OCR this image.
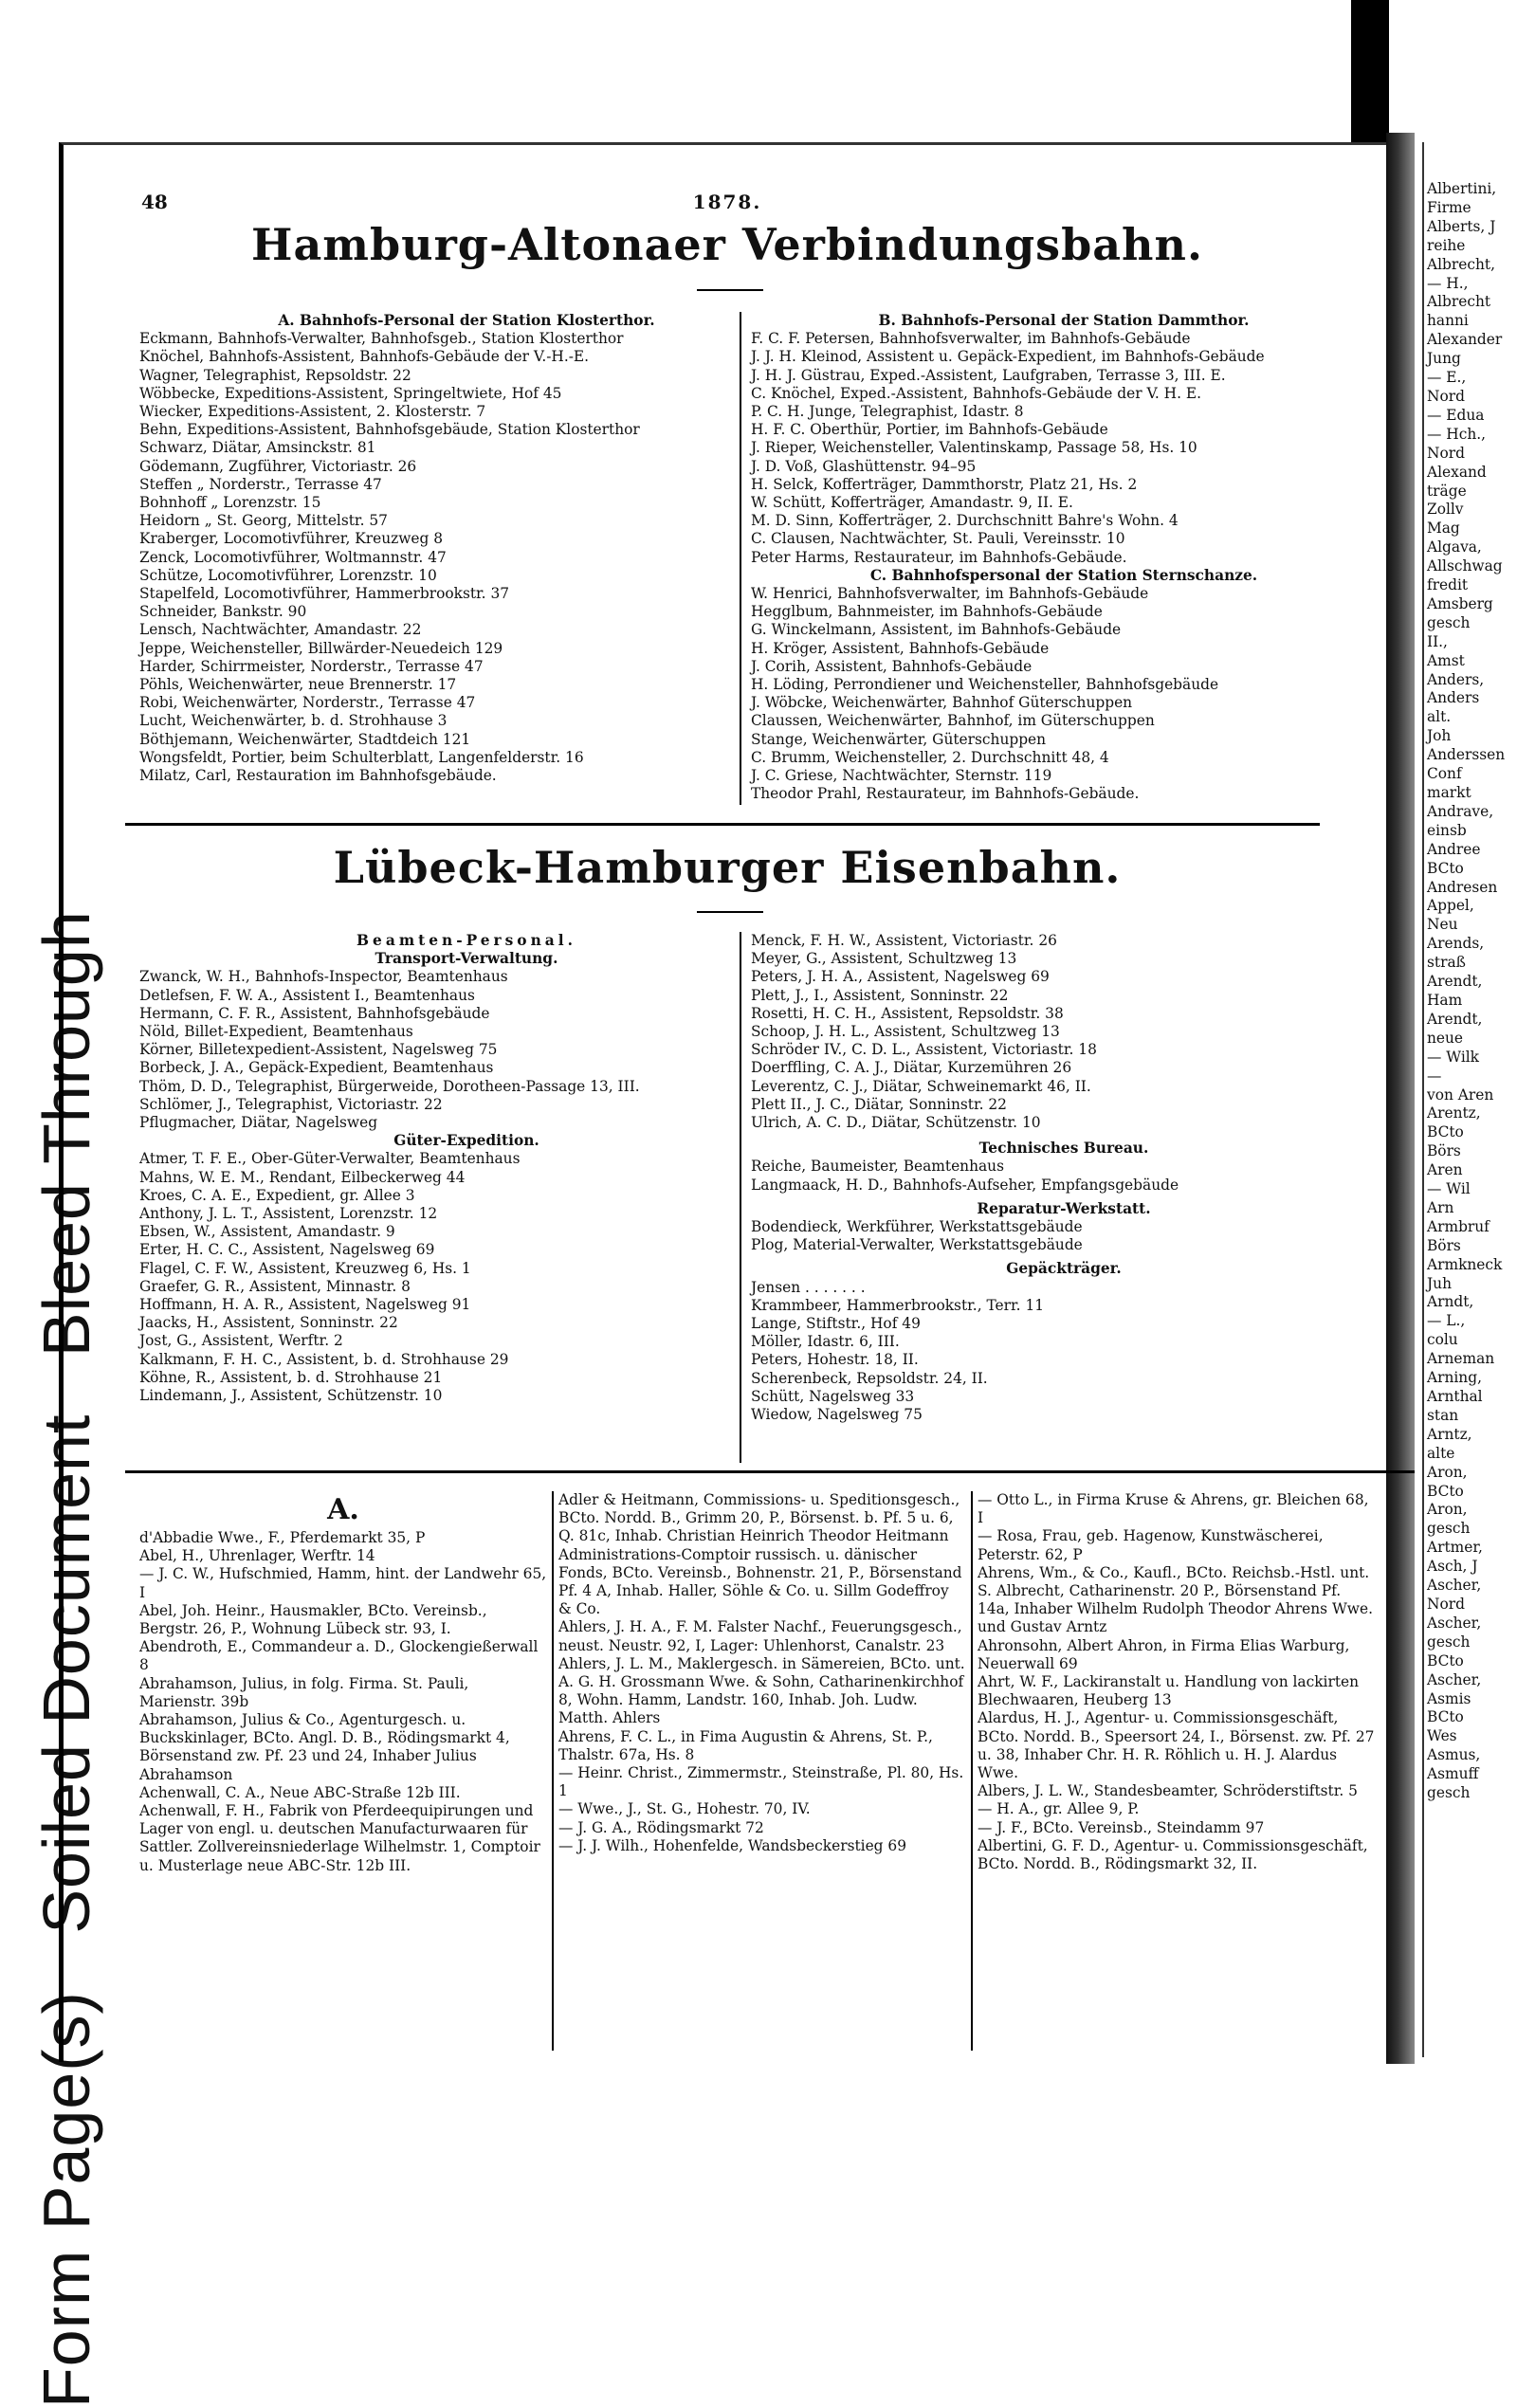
Form Page(s) Soiled Document Bleed Through
48	1878.
Hamburg-Altonaer Verbindungsbahn.
A. Bahnhofs-Personal der Station Klosterthor.
Eckmann, Bahnhofs-Verwalter, Bahnhofsgeb., Station Klosterthor
Knöchel, Bahnhofs-Assistent, Bahnhofs-Gebäude der V.-H.-E.
Wagner, Telegraphist, Repsoldstr. 22
Wöbbecke, Expeditions-Assistent, Springeltwiete, Hof 45
Wiecker, Expeditions-Assistent, 2. Klosterstr. 7
Behn, Expeditions-Assistent, Bahnhofsgebäude, Station Klosterthor
Schwarz, Diätar, Amsinckstr. 81
Gödemann, Zugführer, Victoriastr. 26
Steffen „ Norderstr., Terrasse 47
Bohnhoff „ Lorenzstr. 15
Heidorn „ St. Georg, Mittelstr. 57
Kraberger, Locomotivführer, Kreuzweg 8
Zenck, Locomotivführer, Woltmannstr. 47
Schütze, Locomotivführer, Lorenzstr. 10
Stapelfeld, Locomotivführer, Hammerbrookstr. 37
Schneider, Bankstr. 90
Lensch, Nachtwächter, Amandastr. 22
Jeppe, Weichensteller, Billwärder-Neuedeich 129
Harder, Schirrmeister, Norderstr., Terrasse 47
Pöhls, Weichenwärter, neue Brennerstr. 17
Robi, Weichenwärter, Norderstr., Terrasse 47
Lucht, Weichenwärter, b. d. Strohhause 3
Böthjemann, Weichenwärter, Stadtdeich 121
Wongsfeldt, Portier, beim Schulterblatt, Langenfelderstr. 16
Milatz, Carl, Restauration im Bahnhofsgebäude.
B. Bahnhofs-Personal der Station Dammthor.
F. C. F. Petersen, Bahnhofsverwalter, im Bahnhofs-Gebäude
J. J. H. Kleinod, Assistent u. Gepäck-Expedient, im Bahnhofs-Gebäude
J. H. J. Güstrau, Exped.-Assistent, Laufgraben, Terrasse 3, III. E.
C. Knöchel, Exped.-Assistent, Bahnhofs-Gebäude der V. H. E.
P. C. H. Junge, Telegraphist, Idastr. 8
H. F. C. Oberthür, Portier, im Bahnhofs-Gebäude
J. Rieper, Weichensteller, Valentinskamp, Passage 58, Hs. 10
J. D. Voß, Glashüttenstr. 94–95
H. Selck, Kofferträger, Dammthorstr, Platz 21, Hs. 2
W. Schütt, Kofferträger, Amandastr. 9, II. E.
M. D. Sinn, Kofferträger, 2. Durchschnitt Bahre's Wohn. 4
C. Clausen, Nachtwächter, St. Pauli, Vereinsstr. 10
Peter Harms, Restaurateur, im Bahnhofs-Gebäude.
C. Bahnhofspersonal der Station Sternschanze.
W. Henrici, Bahnhofsverwalter, im Bahnhofs-Gebäude
Hegglbum, Bahnmeister, im Bahnhofs-Gebäude
G. Winckelmann, Assistent, im Bahnhofs-Gebäude
H. Kröger, Assistent, Bahnhofs-Gebäude
J. Corih, Assistent, Bahnhofs-Gebäude
H. Löding, Perrondiener und Weichensteller, Bahnhofsgebäude
J. Wöbcke, Weichenwärter, Bahnhof Güterschuppen
Claussen, Weichenwärter, Bahnhof, im Güterschuppen
Stange, Weichenwärter, Güterschuppen
C. Brumm, Weichensteller, 2. Durchschnitt 48, 4
J. C. Griese, Nachtwächter, Sternstr. 119
Theodor Prahl, Restaurateur, im Bahnhofs-Gebäude.
Lübeck-Hamburger Eisenbahn.
Beamten-Personal.
Transport-Verwaltung.
Zwanck, W. H., Bahnhofs-Inspector, Beamtenhaus
Detlefsen, F. W. A., Assistent I., Beamtenhaus
Hermann, C. F. R., Assistent, Bahnhofsgebäude
Nöld, Billet-Expedient, Beamtenhaus
Körner, Billetexpedient-Assistent, Nagelsweg 75
Borbeck, J. A., Gepäck-Expedient, Beamtenhaus
Thöm, D. D., Telegraphist, Bürgerweide, Dorotheen-Passage 13, III.
Schlömer, J., Telegraphist, Victoriastr. 22
Pflugmacher, Diätar, Nagelsweg
Güter-Expedition.
Atmer, T. F. E., Ober-Güter-Verwalter, Beamtenhaus
Mahns, W. E. M., Rendant, Eilbeckerweg 44
Kroes, C. A. E., Expedient, gr. Allee 3
Anthony, J. L. T., Assistent, Lorenzstr. 12
Ebsen, W., Assistent, Amandastr. 9
Erter, H. C. C., Assistent, Nagelsweg 69
Flagel, C. F. W., Assistent, Kreuzweg 6, Hs. 1
Graefer, G. R., Assistent, Minnastr. 8
Hoffmann, H. A. R., Assistent, Nagelsweg 91
Jaacks, H., Assistent, Sonninstr. 22
Jost, G., Assistent, Werftr. 2
Kalkmann, F. H. C., Assistent, b. d. Strohhause 29
Köhne, R., Assistent, b. d. Strohhause 21
Lindemann, J., Assistent, Schützenstr. 10
Menck, F. H. W., Assistent, Victoriastr. 26
Meyer, G., Assistent, Schultzweg 13
Peters, J. H. A., Assistent, Nagelsweg 69
Plett, J., I., Assistent, Sonninstr. 22
Rosetti, H. C. H., Assistent, Repsoldstr. 38
Schoop, J. H. L., Assistent, Schultzweg 13
Schröder IV., C. D. L., Assistent, Victoriastr. 18
Doerffling, C. A. J., Diätar, Kurzemühren 26
Leverentz, C. J., Diätar, Schweinemarkt 46, II.
Plett II., J. C., Diätar, Sonninstr. 22
Ulrich, A. C. D., Diätar, Schützenstr. 10
Technisches Bureau.
Reiche, Baumeister, Beamtenhaus
Langmaack, H. D., Bahnhofs-Aufseher, Empfangsgebäude
Reparatur-Werkstatt.
Bodendieck, Werkführer, Werkstattsgebäude
Plog, Material-Verwalter, Werkstattsgebäude
Gepäckträger.
Jensen . . . . . . .
Krammbeer, Hammerbrookstr., Terr. 11
Lange, Stiftstr., Hof 49
Möller, Idastr. 6, III.
Peters, Hohestr. 18, II.
Scherenbeck, Repsoldstr. 24, II.
Schütt, Nagelsweg 33
Wiedow, Nagelsweg 75
A.
d'Abbadie Wwe., F., Pferdemarkt 35, P
Abel, H., Uhrenlager, Werftr. 14
— J. C. W., Hufschmied, Hamm, hint. der Landwehr 65, I
Abel, Joh. Heinr., Hausmakler, BCto. Vereinsb., Bergstr. 26, P., Wohnung Lübeck str. 93, I.
Abendroth, E., Commandeur a. D., Glockengießerwall 8
Abrahamson, Julius, in folg. Firma. St. Pauli, Marienstr. 39b
Abrahamson, Julius & Co., Agenturgesch. u. Buckskinlager, BCto. Angl. D. B., Rödingsmarkt 4, Börsenstand zw. Pf. 23 und 24, Inhaber Julius Abrahamson
Achenwall, C. A., Neue ABC-Straße 12b III.
Achenwall, F. H., Fabrik von Pferdeequipirungen und Lager von engl. u. deutschen Manufacturwaaren für Sattler. Zollvereinsniederlage Wilhelmstr. 1, Comptoir u. Musterlage neue ABC-Str. 12b III.
Adler & Heitmann, Commissions- u. Speditionsgesch., BCto. Nordd. B., Grimm 20, P., Börsenst. b. Pf. 5 u. 6, Q. 81c, Inhab. Christian Heinrich Theodor Heitmann
Administrations-Comptoir russisch. u. dänischer Fonds, BCto. Vereinsb., Bohnenstr. 21, P., Börsenstand Pf. 4 A, Inhab. Haller, Söhle & Co. u. Sillm Godeffroy & Co.
Ahlers, J. H. A., F. M. Falster Nachf., Feuerungsgesch., neust. Neustr. 92, I, Lager: Uhlenhorst, Canalstr. 23
Ahlers, J. L. M., Maklergesch. in Sämereien, BCto. unt. A. G. H. Grossmann Wwe. & Sohn, Catharinenkirchhof 8, Wohn. Hamm, Landstr. 160, Inhab. Joh. Ludw. Matth. Ahlers
Ahrens, F. C. L., in Fima Augustin & Ahrens, St. P., Thalstr. 67a, Hs. 8
— Heinr. Christ., Zimmermstr., Steinstraße, Pl. 80, Hs. 1
— Wwe., J., St. G., Hohestr. 70, IV.
— J. G. A., Rödingsmarkt 72
— J. J. Wilh., Hohenfelde, Wandsbeckerstieg 69
— Otto L., in Firma Kruse & Ahrens, gr. Bleichen 68, I
— Rosa, Frau, geb. Hagenow, Kunstwäscherei, Peterstr. 62, P
Ahrens, Wm., & Co., Kaufl., BCto. Reichsb.-Hstl. unt. S. Albrecht, Catharinenstr. 20 P., Börsenstand Pf. 14a, Inhaber Wilhelm Rudolph Theodor Ahrens Wwe. und Gustav Arntz
Ahronsohn, Albert Ahron, in Firma Elias Warburg, Neuerwall 69
Ahrt, W. F., Lackiranstalt u. Handlung von lackirten Blechwaaren, Heuberg 13
Alardus, H. J., Agentur- u. Commissionsgeschäft, BCto. Nordd. B., Speersort 24, I., Börsenst. zw. Pf. 27 u. 38, Inhaber Chr. H. R. Röhlich u. H. J. Alardus Wwe.
Albers, J. L. W., Standesbeamter, Schröderstiftstr. 5
— H. A., gr. Allee 9, P.
— J. F., BCto. Vereinsb., Steindamm 97
Albertini, G. F. D., Agentur- u. Commissionsgeschäft, BCto. Nordd. B., Rödingsmarkt 32, II.
Albertini,
Firme
Alberts, J
reihe
Albrecht,
— H.,
Albrecht
hanni
Alexander
Jung
— E.,
Nord
— Edua
— Hch.,
Nord
Alexand
träge
Zollv
Mag
Algava,
Allschwag
fredit
Amsberg
gesch
II.,
Amst
Anders,
Anders
alt.
Joh
Anderssen
Conf
markt
Andrave,
einsb
Andree
BCto
Andresen
Appel,
Neu
Arends,
straß
Arendt,
Ham
Arendt,
neue
— Wilk
—
von Aren
Arentz,
BCto
Börs
Aren
— Wil
Arn
Armbruf
Börs
Armkneck
Juh
Arndt,
— L.,
colu
Arneman
Arning,
Arnthal
stan
Arntz,
alte
Aron,
BCto
Aron,
gesch
Artmer,
Asch, J
Ascher,
Nord
Ascher,
gesch
BCto
Ascher,
Asmis
BCto
Wes
Asmus,
Asmuff
gesch
